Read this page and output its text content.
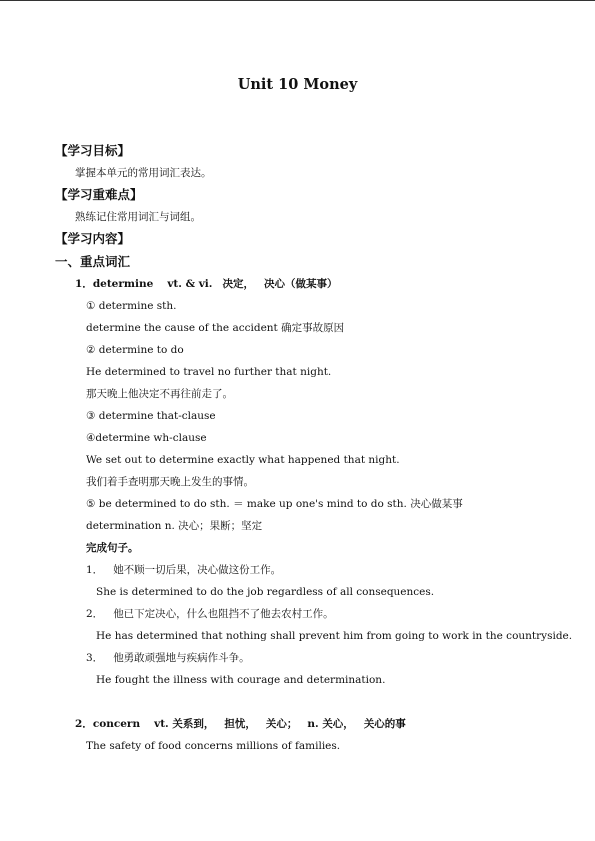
Unit 10 Money
【学习目标】
掌握本单元的常用词汇表达。
【学习重难点】
熟练记住常用词汇与词组。
【学习内容】
一、重点词汇
1．determine vt. & vi. 决定， 决心（做某事）
① determine sth.
determine the cause of the accident 确定事故原因
② determine to do
He determined to travel no further that night.
那天晚上他决定不再往前走了。
③ determine that-clause
④determine wh-clause
We set out to determine exactly what happened that night.
我们着手查明那天晚上发生的事情。
⑤ be determined to do sth. ＝ make up one's mind to do sth. 决心做某事
determination n. 决心；果断；坚定
完成句子。
1． 她不顾一切后果，决心做这份工作。
She is determined to do the job regardless of all consequences.
2． 他已下定决心，什么也阻挡不了他去农村工作。
He has determined that nothing shall prevent him from going to work in the countryside.
3． 他勇敢顽强地与疾病作斗争。
He fought the illness with courage and determination.
2．concern vt. 关系到， 担忧， 关心； n. 关心， 关心的事
The safety of food concerns millions of families.
